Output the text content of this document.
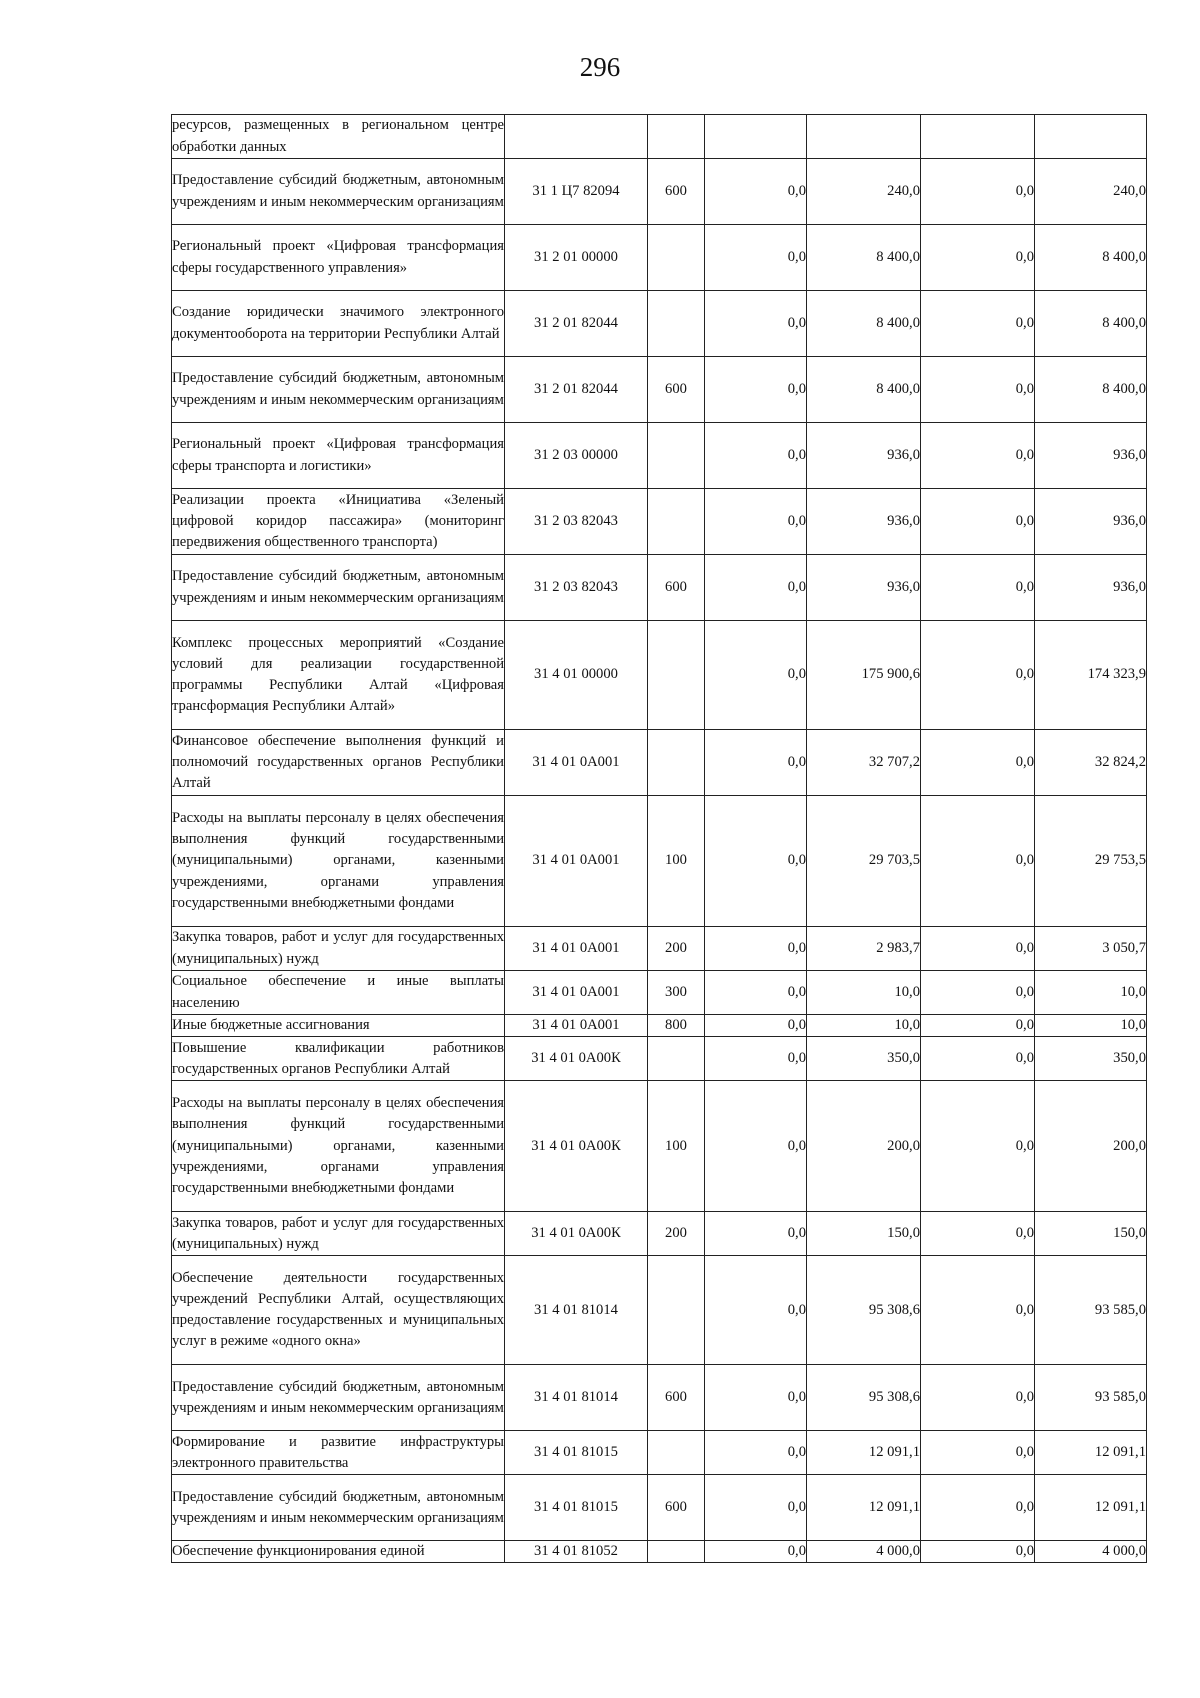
296
ресурсов, размещенных в региональном центре обработки данных						
Предоставление субсидий бюджетным, автономным учреждениям и иным некоммерческим организациям	31 1 Ц7 82094	600	0,0	240,0	0,0	240,0
Региональный проект «Цифровая трансформация сферы государственного управления»	31 2 01 00000		0,0	8 400,0	0,0	8 400,0
Создание юридически значимого электронного документооборота на территории Республики Алтай	31 2 01 82044		0,0	8 400,0	0,0	8 400,0
Предоставление субсидий бюджетным, автономным учреждениям и иным некоммерческим организациям	31 2 01 82044	600	0,0	8 400,0	0,0	8 400,0
Региональный проект «Цифровая трансформация сферы транспорта и логистики»	31 2 03 00000		0,0	936,0	0,0	936,0
Реализации проекта «Инициатива «Зеленый цифровой коридор пассажира» (мониторинг передвижения общественного транспорта)	31 2 03 82043		0,0	936,0	0,0	936,0
Предоставление субсидий бюджетным, автономным учреждениям и иным некоммерческим организациям	31 2 03 82043	600	0,0	936,0	0,0	936,0
Комплекс процессных мероприятий «Создание условий для реализации государственной программы Республики Алтай «Цифровая трансформация Республики Алтай»	31 4 01 00000		0,0	175 900,6	0,0	174 323,9
Финансовое обеспечение выполнения функций и полномочий государственных органов Республики Алтай	31 4 01 0А001		0,0	32 707,2	0,0	32 824,2
Расходы на выплаты персоналу в целях обеспечения выполнения функций государственными (муниципальными) органами, казенными учреждениями, органами управления государственными внебюджетными фондами	31 4 01 0А001	100	0,0	29 703,5	0,0	29 753,5
Закупка товаров, работ и услуг для государственных (муниципальных) нужд	31 4 01 0А001	200	0,0	2 983,7	0,0	3 050,7
Социальное обеспечение и иные выплаты населению	31 4 01 0А001	300	0,0	10,0	0,0	10,0
Иные бюджетные ассигнования	31 4 01 0А001	800	0,0	10,0	0,0	10,0
Повышение квалификации работников государственных органов Республики Алтай	31 4 01 0А00К		0,0	350,0	0,0	350,0
Расходы на выплаты персоналу в целях обеспечения выполнения функций государственными (муниципальными) органами, казенными учреждениями, органами управления государственными внебюджетными фондами	31 4 01 0А00К	100	0,0	200,0	0,0	200,0
Закупка товаров, работ и услуг для государственных (муниципальных) нужд	31 4 01 0А00К	200	0,0	150,0	0,0	150,0
Обеспечение деятельности государственных учреждений Республики Алтай, осуществляющих предоставление государственных и муниципальных услуг в режиме «одного окна»	31 4 01 81014		0,0	95 308,6	0,0	93 585,0
Предоставление субсидий бюджетным, автономным учреждениям и иным некоммерческим организациям	31 4 01 81014	600	0,0	95 308,6	0,0	93 585,0
Формирование и развитие инфраструктуры электронного правительства	31 4 01 81015		0,0	12 091,1	0,0	12 091,1
Предоставление субсидий бюджетным, автономным учреждениям и иным некоммерческим организациям	31 4 01 81015	600	0,0	12 091,1	0,0	12 091,1
Обеспечение функционирования единой	31 4 01 81052		0,0	4 000,0	0,0	4 000,0
